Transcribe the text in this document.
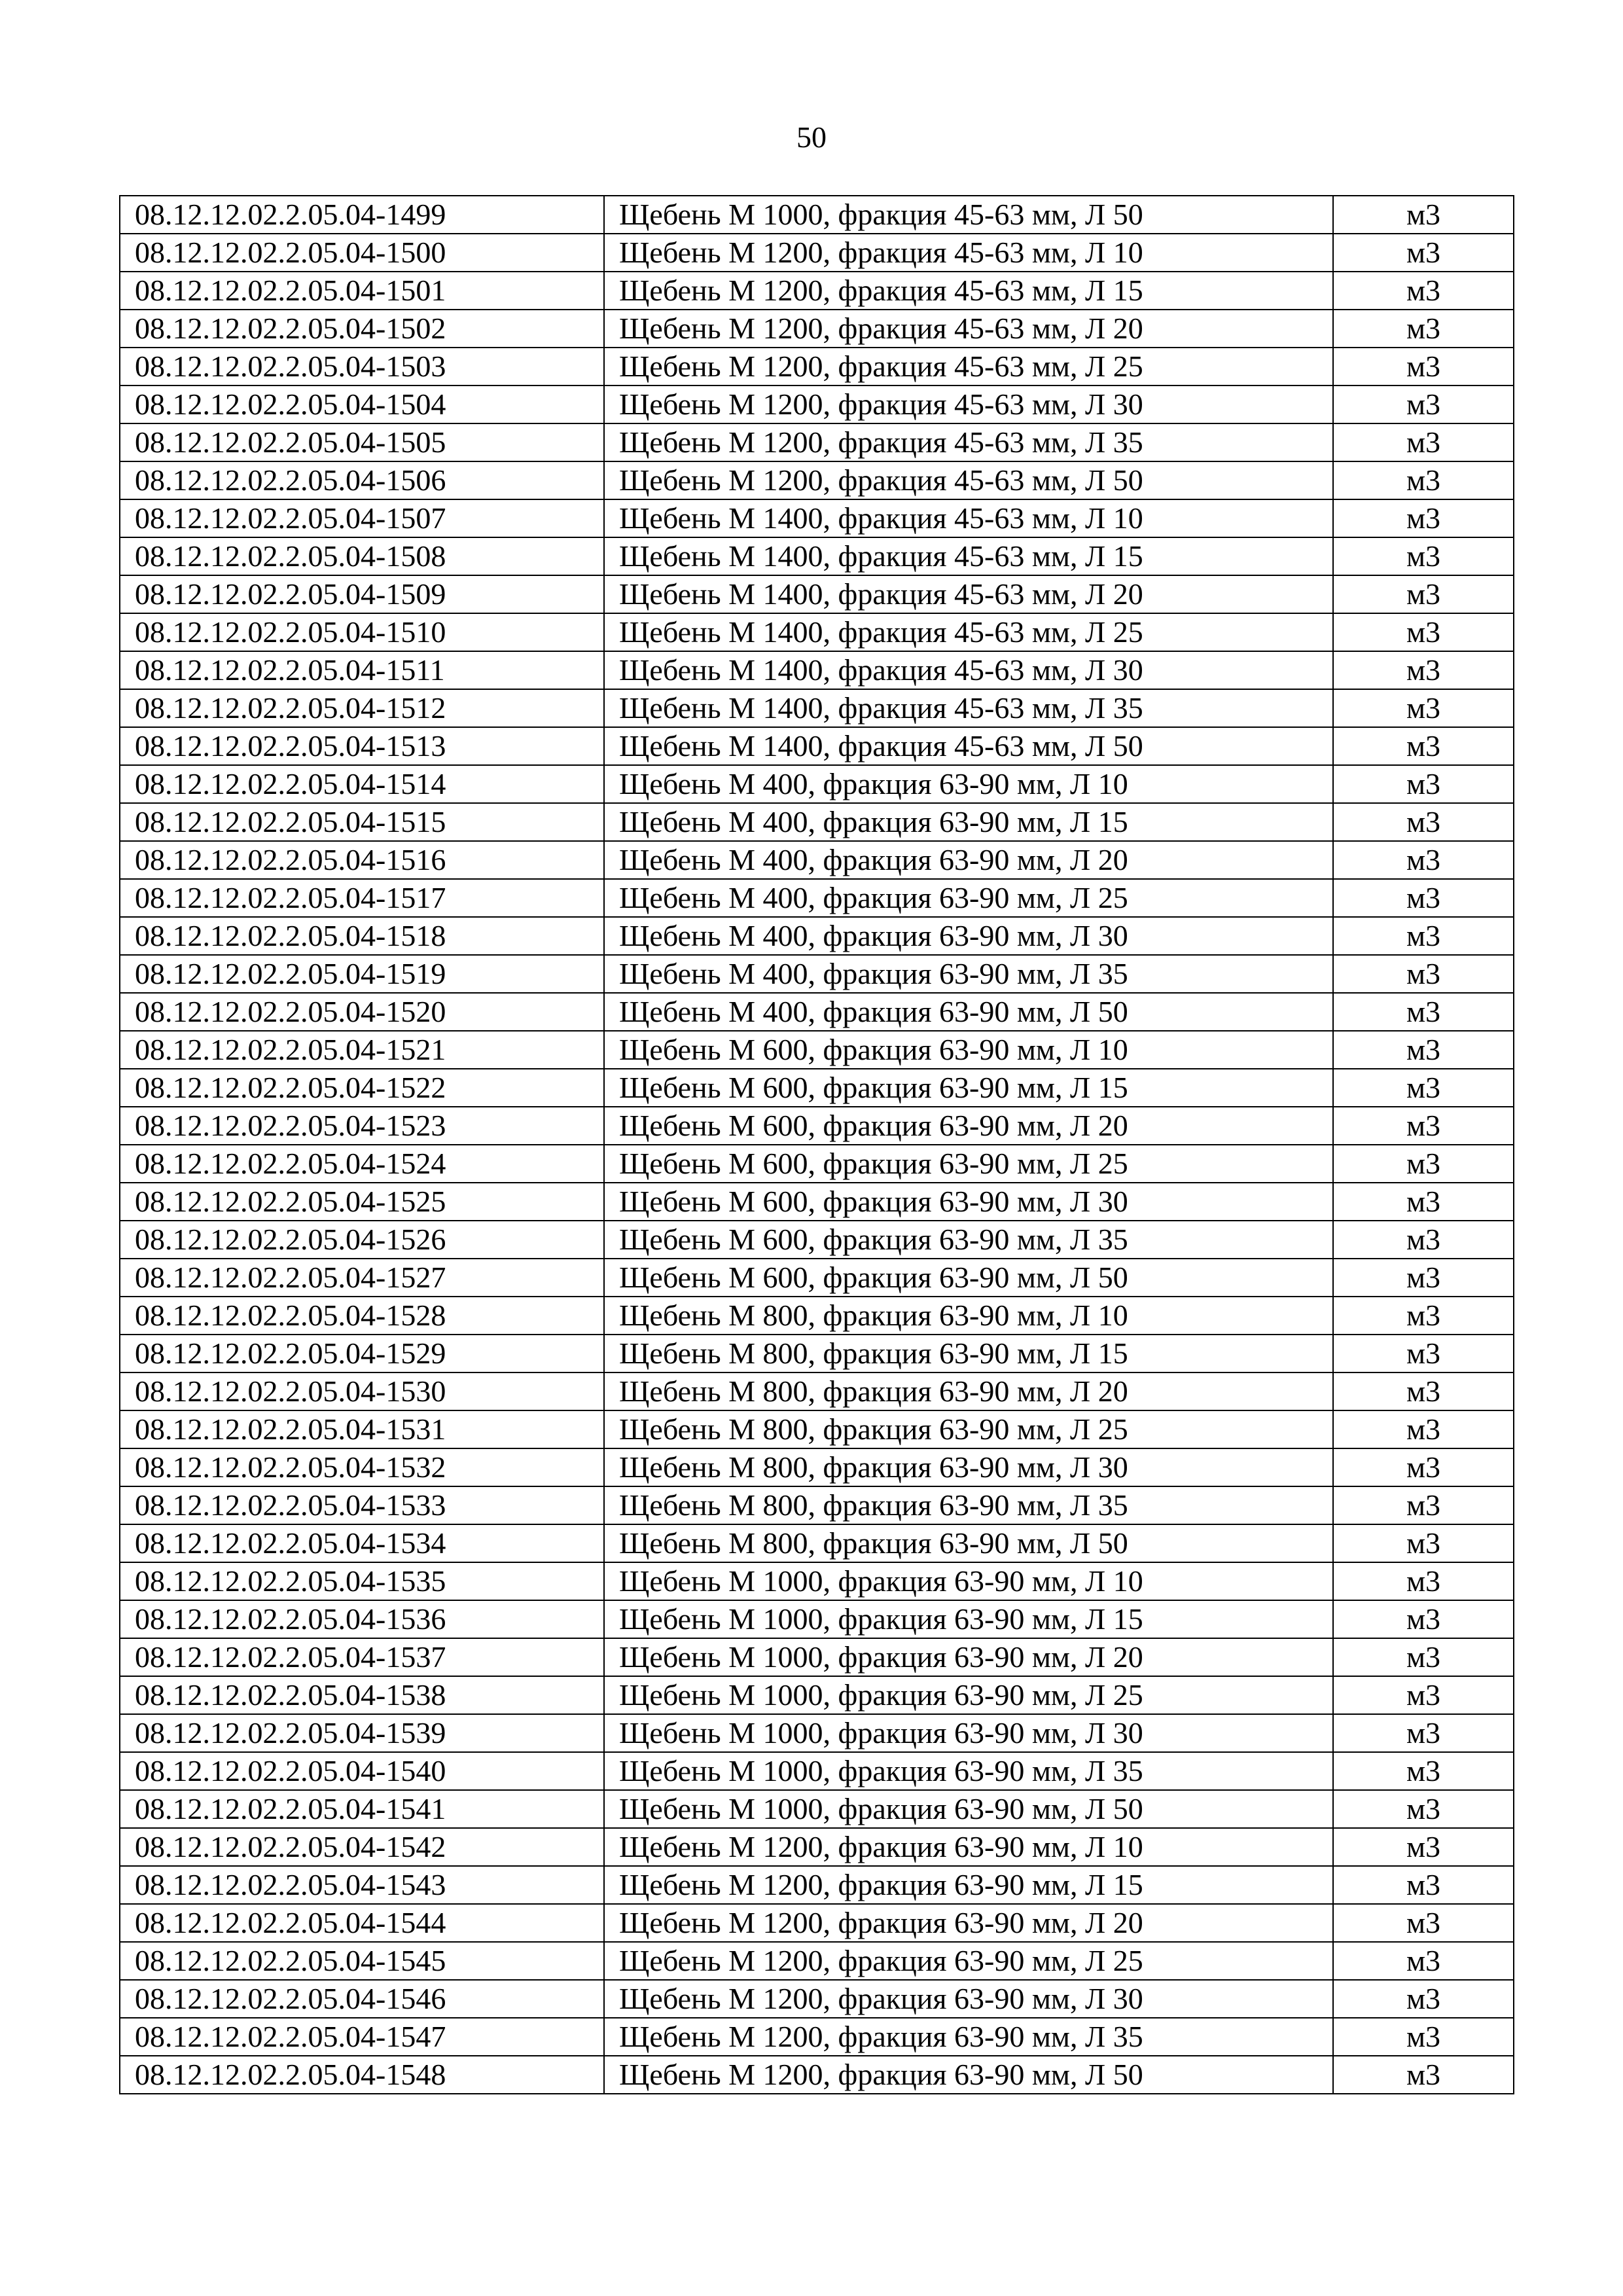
50
08.12.12.02.2.05.04-1499	Щебень М 1000, фракция 45-63 мм, Л 50	м3
08.12.12.02.2.05.04-1500	Щебень М 1200, фракция 45-63 мм, Л 10	м3
08.12.12.02.2.05.04-1501	Щебень М 1200, фракция 45-63 мм, Л 15	м3
08.12.12.02.2.05.04-1502	Щебень М 1200, фракция 45-63 мм, Л 20	м3
08.12.12.02.2.05.04-1503	Щебень М 1200, фракция 45-63 мм, Л 25	м3
08.12.12.02.2.05.04-1504	Щебень М 1200, фракция 45-63 мм, Л 30	м3
08.12.12.02.2.05.04-1505	Щебень М 1200, фракция 45-63 мм, Л 35	м3
08.12.12.02.2.05.04-1506	Щебень М 1200, фракция 45-63 мм, Л 50	м3
08.12.12.02.2.05.04-1507	Щебень М 1400, фракция 45-63 мм, Л 10	м3
08.12.12.02.2.05.04-1508	Щебень М 1400, фракция 45-63 мм, Л 15	м3
08.12.12.02.2.05.04-1509	Щебень М 1400, фракция 45-63 мм, Л 20	м3
08.12.12.02.2.05.04-1510	Щебень М 1400, фракция 45-63 мм, Л 25	м3
08.12.12.02.2.05.04-1511	Щебень М 1400, фракция 45-63 мм, Л 30	м3
08.12.12.02.2.05.04-1512	Щебень М 1400, фракция 45-63 мм, Л 35	м3
08.12.12.02.2.05.04-1513	Щебень М 1400, фракция 45-63 мм, Л 50	м3
08.12.12.02.2.05.04-1514	Щебень М 400, фракция 63-90 мм, Л 10	м3
08.12.12.02.2.05.04-1515	Щебень М 400, фракция 63-90 мм, Л 15	м3
08.12.12.02.2.05.04-1516	Щебень М 400, фракция 63-90 мм, Л 20	м3
08.12.12.02.2.05.04-1517	Щебень М 400, фракция 63-90 мм, Л 25	м3
08.12.12.02.2.05.04-1518	Щебень М 400, фракция 63-90 мм, Л 30	м3
08.12.12.02.2.05.04-1519	Щебень М 400, фракция 63-90 мм, Л 35	м3
08.12.12.02.2.05.04-1520	Щебень М 400, фракция 63-90 мм, Л 50	м3
08.12.12.02.2.05.04-1521	Щебень М 600, фракция 63-90 мм, Л 10	м3
08.12.12.02.2.05.04-1522	Щебень М 600, фракция 63-90 мм, Л 15	м3
08.12.12.02.2.05.04-1523	Щебень М 600, фракция 63-90 мм, Л 20	м3
08.12.12.02.2.05.04-1524	Щебень М 600, фракция 63-90 мм, Л 25	м3
08.12.12.02.2.05.04-1525	Щебень М 600, фракция 63-90 мм, Л 30	м3
08.12.12.02.2.05.04-1526	Щебень М 600, фракция 63-90 мм, Л 35	м3
08.12.12.02.2.05.04-1527	Щебень М 600, фракция 63-90 мм, Л 50	м3
08.12.12.02.2.05.04-1528	Щебень М 800, фракция 63-90 мм, Л 10	м3
08.12.12.02.2.05.04-1529	Щебень М 800, фракция 63-90 мм, Л 15	м3
08.12.12.02.2.05.04-1530	Щебень М 800, фракция 63-90 мм, Л 20	м3
08.12.12.02.2.05.04-1531	Щебень М 800, фракция 63-90 мм, Л 25	м3
08.12.12.02.2.05.04-1532	Щебень М 800, фракция 63-90 мм, Л 30	м3
08.12.12.02.2.05.04-1533	Щебень М 800, фракция 63-90 мм, Л 35	м3
08.12.12.02.2.05.04-1534	Щебень М 800, фракция 63-90 мм, Л 50	м3
08.12.12.02.2.05.04-1535	Щебень М 1000, фракция 63-90 мм, Л 10	м3
08.12.12.02.2.05.04-1536	Щебень М 1000, фракция 63-90 мм, Л 15	м3
08.12.12.02.2.05.04-1537	Щебень М 1000, фракция 63-90 мм, Л 20	м3
08.12.12.02.2.05.04-1538	Щебень М 1000, фракция 63-90 мм, Л 25	м3
08.12.12.02.2.05.04-1539	Щебень М 1000, фракция 63-90 мм, Л 30	м3
08.12.12.02.2.05.04-1540	Щебень М 1000, фракция 63-90 мм, Л 35	м3
08.12.12.02.2.05.04-1541	Щебень М 1000, фракция 63-90 мм, Л 50	м3
08.12.12.02.2.05.04-1542	Щебень М 1200, фракция 63-90 мм, Л 10	м3
08.12.12.02.2.05.04-1543	Щебень М 1200, фракция 63-90 мм, Л 15	м3
08.12.12.02.2.05.04-1544	Щебень М 1200, фракция 63-90 мм, Л 20	м3
08.12.12.02.2.05.04-1545	Щебень М 1200, фракция 63-90 мм, Л 25	м3
08.12.12.02.2.05.04-1546	Щебень М 1200, фракция 63-90 мм, Л 30	м3
08.12.12.02.2.05.04-1547	Щебень М 1200, фракция 63-90 мм, Л 35	м3
08.12.12.02.2.05.04-1548	Щебень М 1200, фракция 63-90 мм, Л 50	м3
